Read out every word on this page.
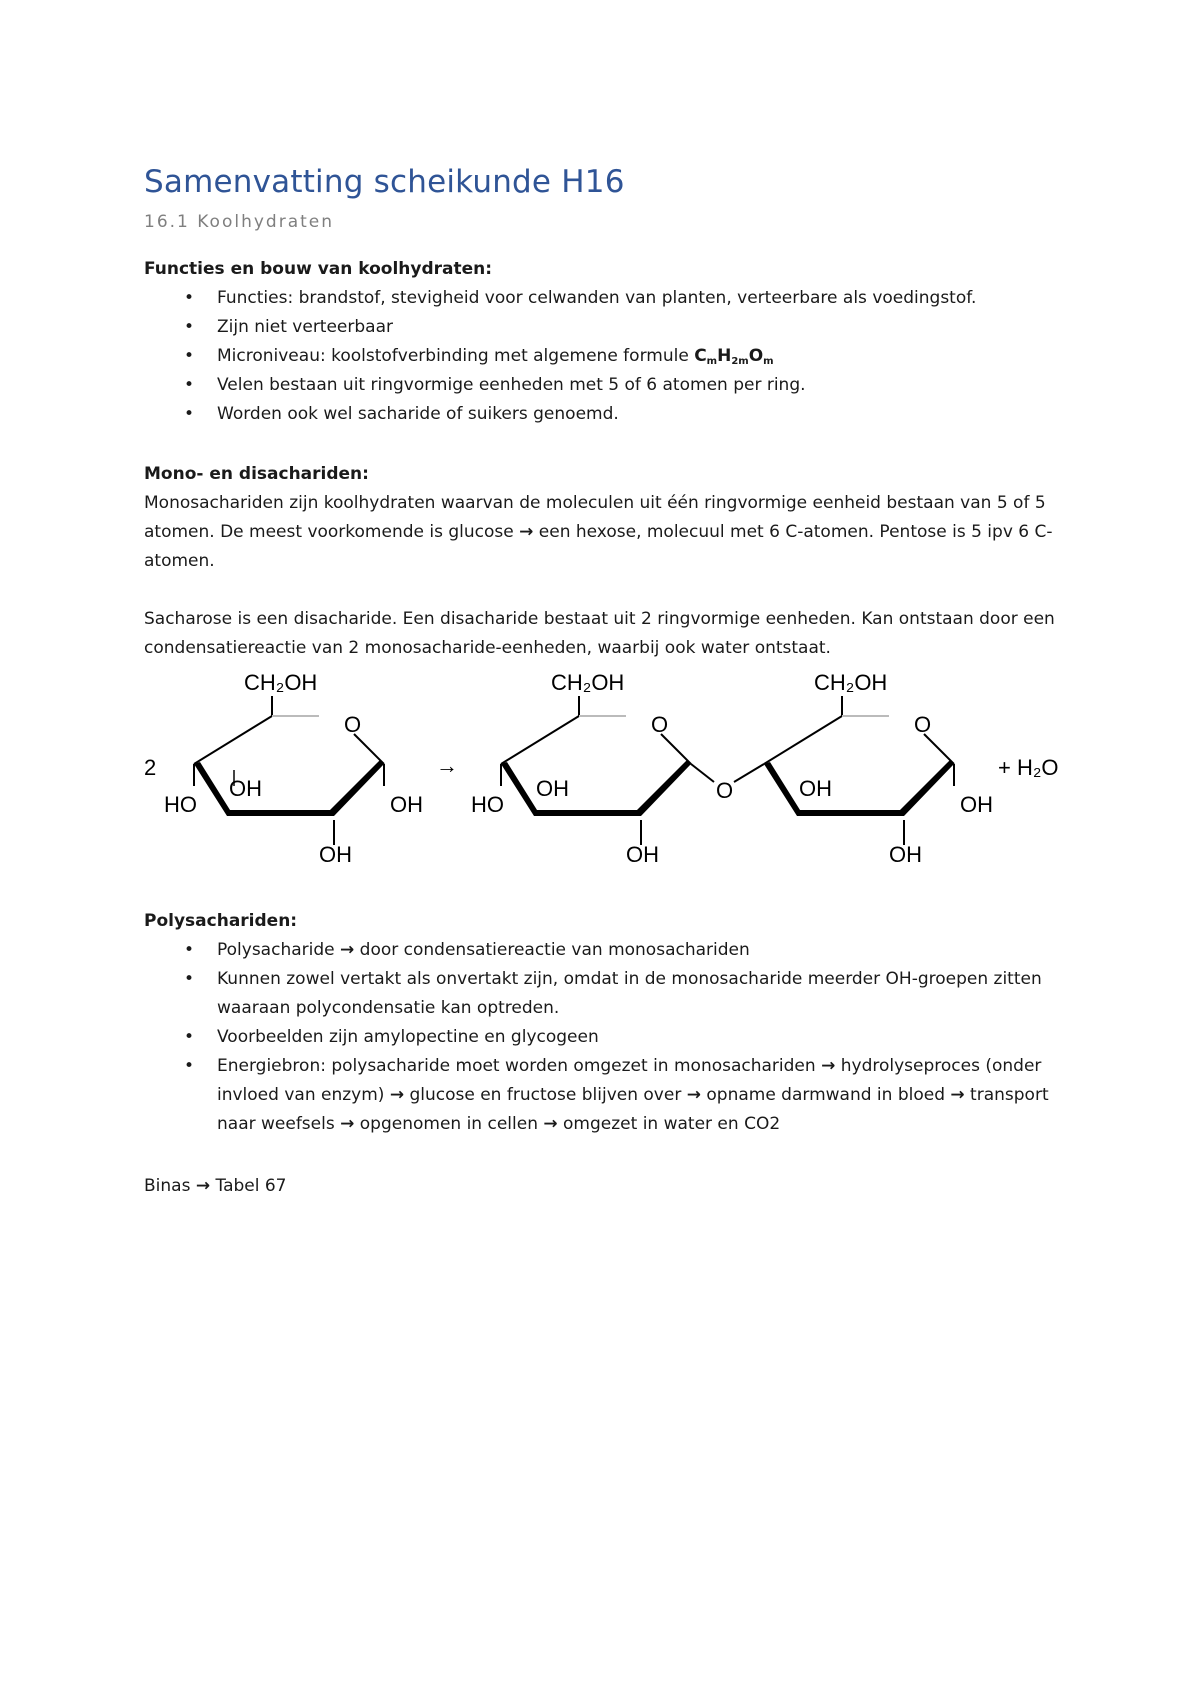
Samenvatting scheikunde H16
16.1 Koolhydraten
Functies en bouw van koolhydraten:
• Functies: brandstof, stevigheid voor celwanden van planten, verteerbare als voedingstof.
• Zijn niet verteerbaar
• Microniveau: koolstofverbinding met algemene formule $C_mH_{2m}O_m$
• Velen bestaan uit ringvormige eenheden met 5 of 6 atomen per ring.
• Worden ook wel sacharide of suikers genoemd.
Mono- en disachariden:

Monosachariden zijn koolhydraten waarvan de moleculen uit één ringvormige eenheid bestaan van 5 of 5 atomen. De meest voorkomende is glucose → een hexose, molecuul met 6 C-atomen. Pentose is 5 ipv 6 C-atomen.

Sacharose is een disacharide. Een disacharide bestaat uit 2 ringvormige eenheden. Kan ontstaan door een condensatiereactie van 2 monosacharide-eenheden, waarbij ook water ontstaat.

2
CH₂OH
O
OH
HO	OH
OH
→
CH₂OH
O
OH
HO
OH
O
CH₂OH
O
OH
OH
OH
+ H₂O
Polysachariden:
• Polysacharide → door condensatiereactie van monosachariden
• Kunnen zowel vertakt als onvertakt zijn, omdat in de monosacharide meerder OH-groepen zitten waaraan polycondensatie kan optreden.
• Voorbeelden zijn amylopectine en glycogeen
• Energiebron: polysacharide moet worden omgezet in monosachariden → hydrolyseproces (onder invloed van enzym) → glucose en fructose blijven over → opname darmwand in bloed → transport naar weefsels → opgenomen in cellen → omgezet in water en CO2
Binas → Tabel 67
